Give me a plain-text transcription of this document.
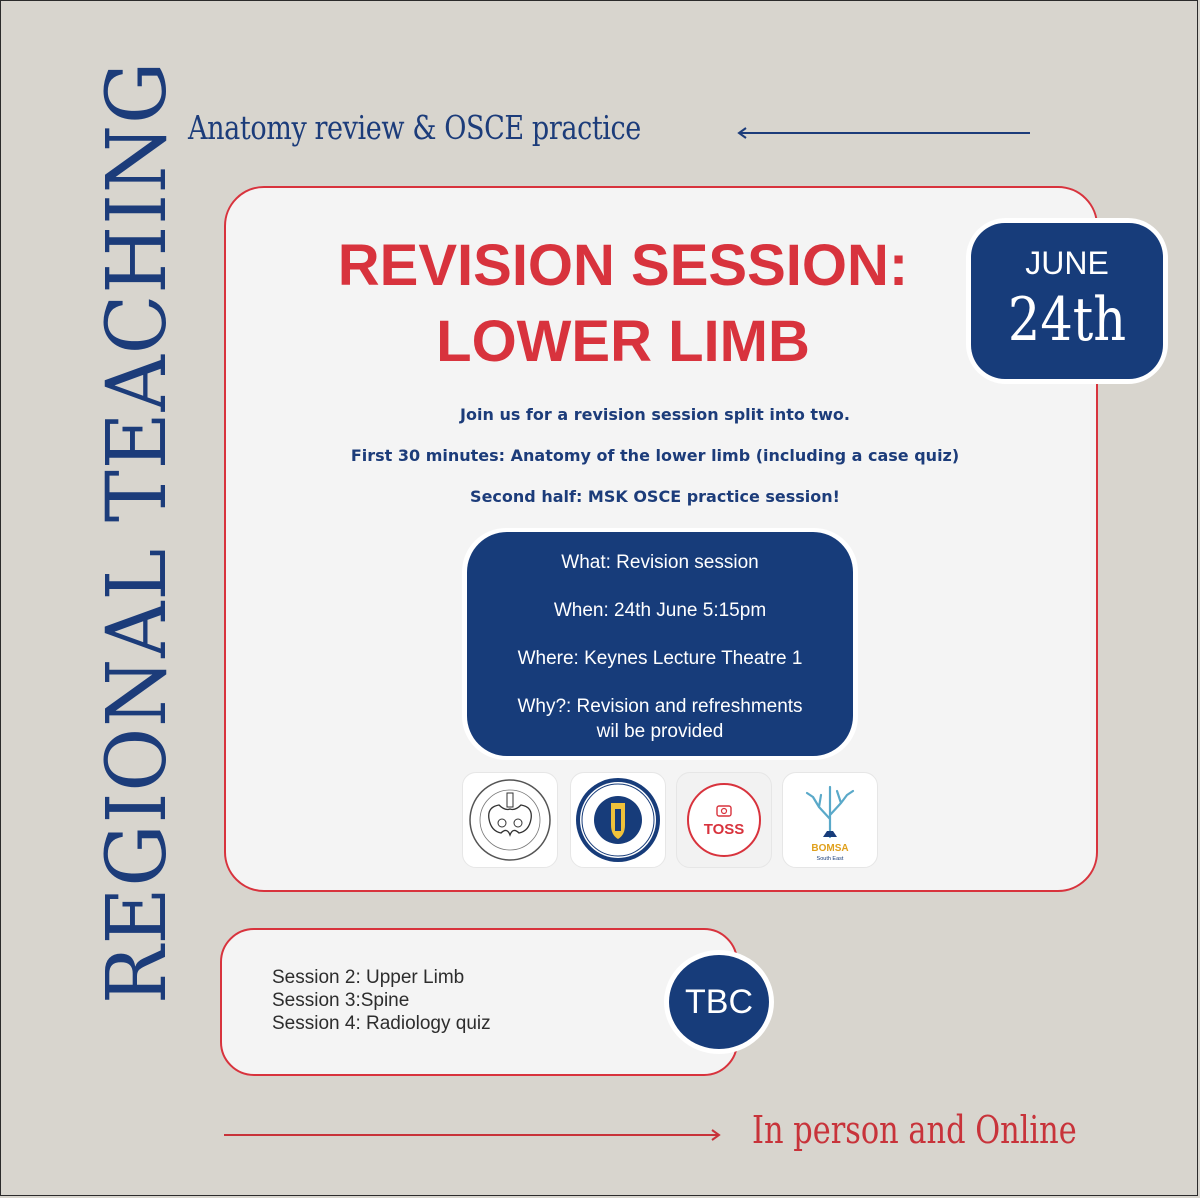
Anatomy review & OSCE practice
REGIONAL TEACHING	REVISION SESSION:
LOWER LIMB
Join us for a revision session split into two.
First 30 minutes: Anatomy of the lower limb (including a case quiz)
Second half: MSK OSCE practice session!
JUNE
24th
What: Revision session
When: 24th June 5:15pm
Where: Keynes Lecture Theatre 1
Why?: Revision and refreshments
wil be provided
TOSS
BOMSA
South East
Session 2: Upper Limb
Session 3:Spine
Session 4: Radiology quiz
TBC
In person and Online
